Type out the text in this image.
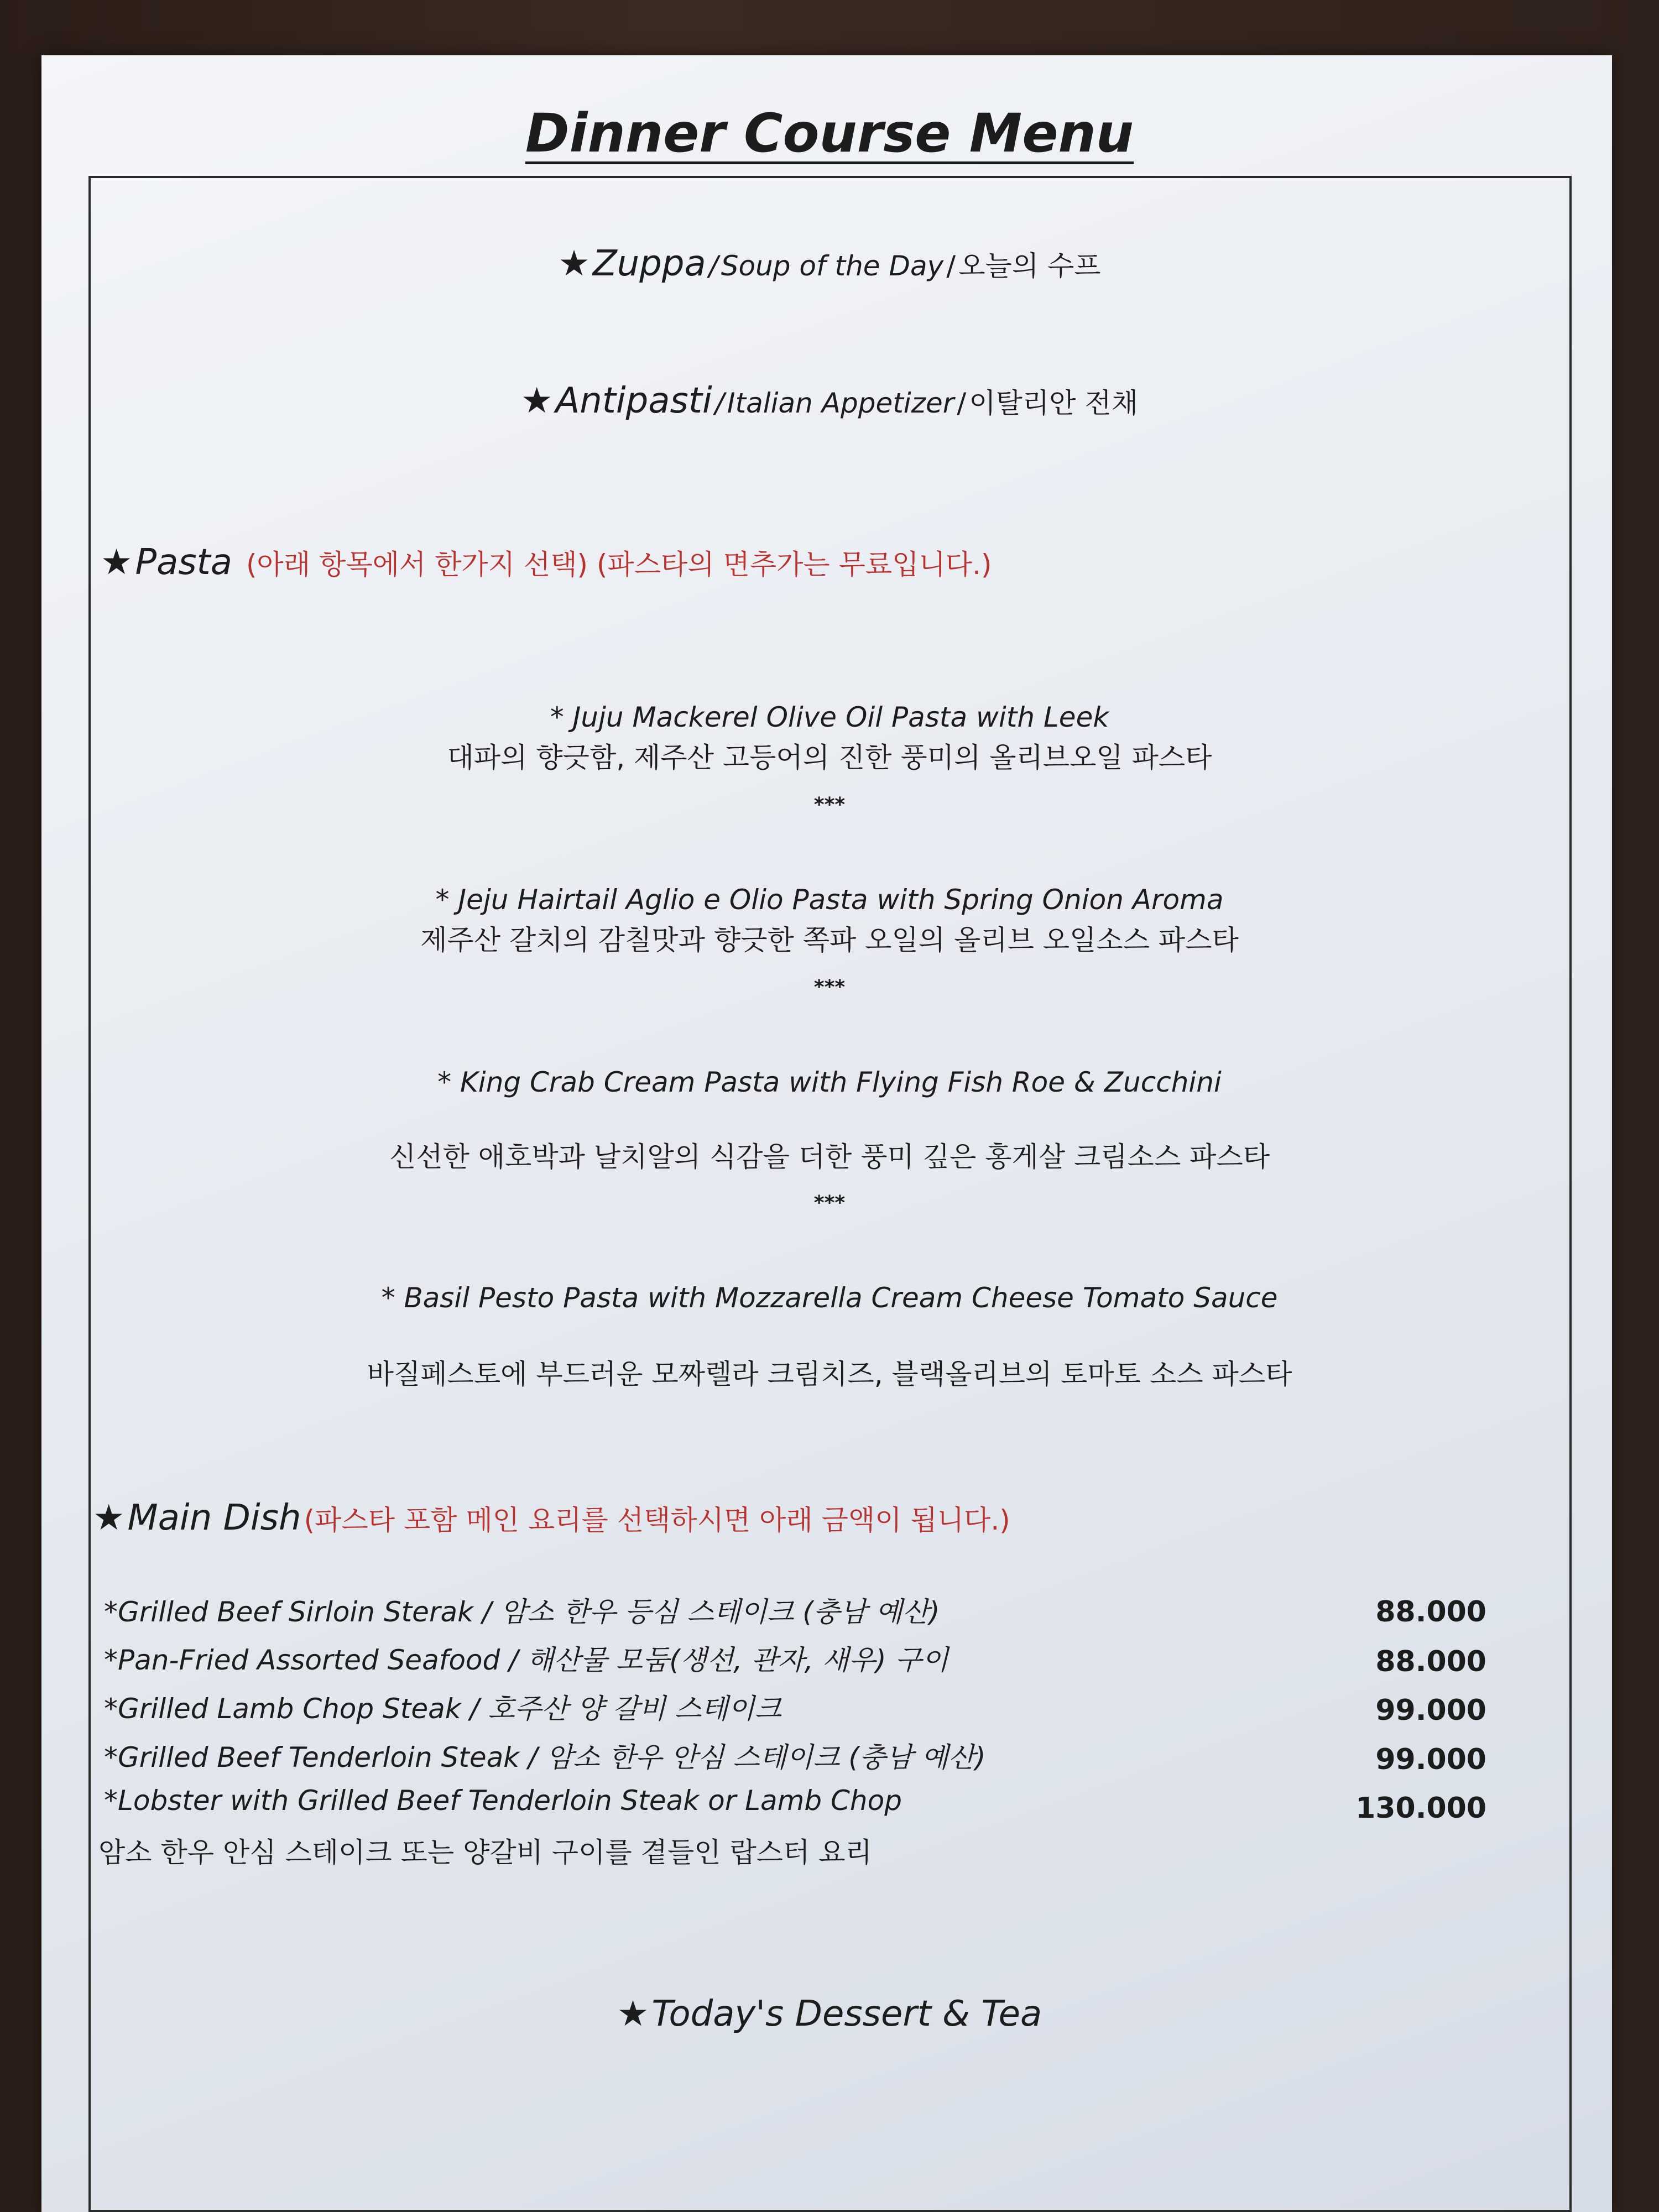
Dinner Course Menu
★ Zuppa / Soup of the Day / 오늘의 수프
★ Antipasti / Italian Appetizer / 이탈리안 전채
★ Pasta (아래 항목에서 한가지 선택) (파스타의 면추가는 무료입니다.)
* Juju Mackerel Olive Oil Pasta with Leek
대파의 향긋함, 제주산 고등어의 진한 풍미의 올리브오일 파스타
***
* Jeju Hairtail Aglio e Olio Pasta with Spring Onion Aroma
제주산 갈치의 감칠맛과 향긋한 쪽파 오일의 올리브 오일소스 파스타
***
* King Crab Cream Pasta with Flying Fish Roe & Zucchini
신선한 애호박과 날치알의 식감을 더한 풍미 깊은 홍게살 크림소스 파스타
***
* Basil Pesto Pasta with Mozzarella Cream Cheese Tomato Sauce
바질페스토에 부드러운 모짜렐라 크림치즈, 블랙올리브의 토마토 소스 파스타
★ Main Dish (파스타 포함 메인 요리를 선택하시면 아래 금액이 됩니다.)
*Grilled Beef Sirloin Sterak / 암소 한우 등심 스테이크 (충남 예산)	88.000
*Pan-Fried Assorted Seafood / 해산물 모둠(생선, 관자, 새우) 구이	88.000
*Grilled Lamb Chop Steak / 호주산 양 갈비 스테이크	99.000
*Grilled Beef Tenderloin Steak / 암소 한우 안심 스테이크 (충남 예산)	99.000
*Lobster with Grilled Beef Tenderloin Steak or Lamb Chop	130.000
암소 한우 안심 스테이크 또는 양갈비 구이를 곁들인 랍스터 요리
★ Today's Dessert & Tea
